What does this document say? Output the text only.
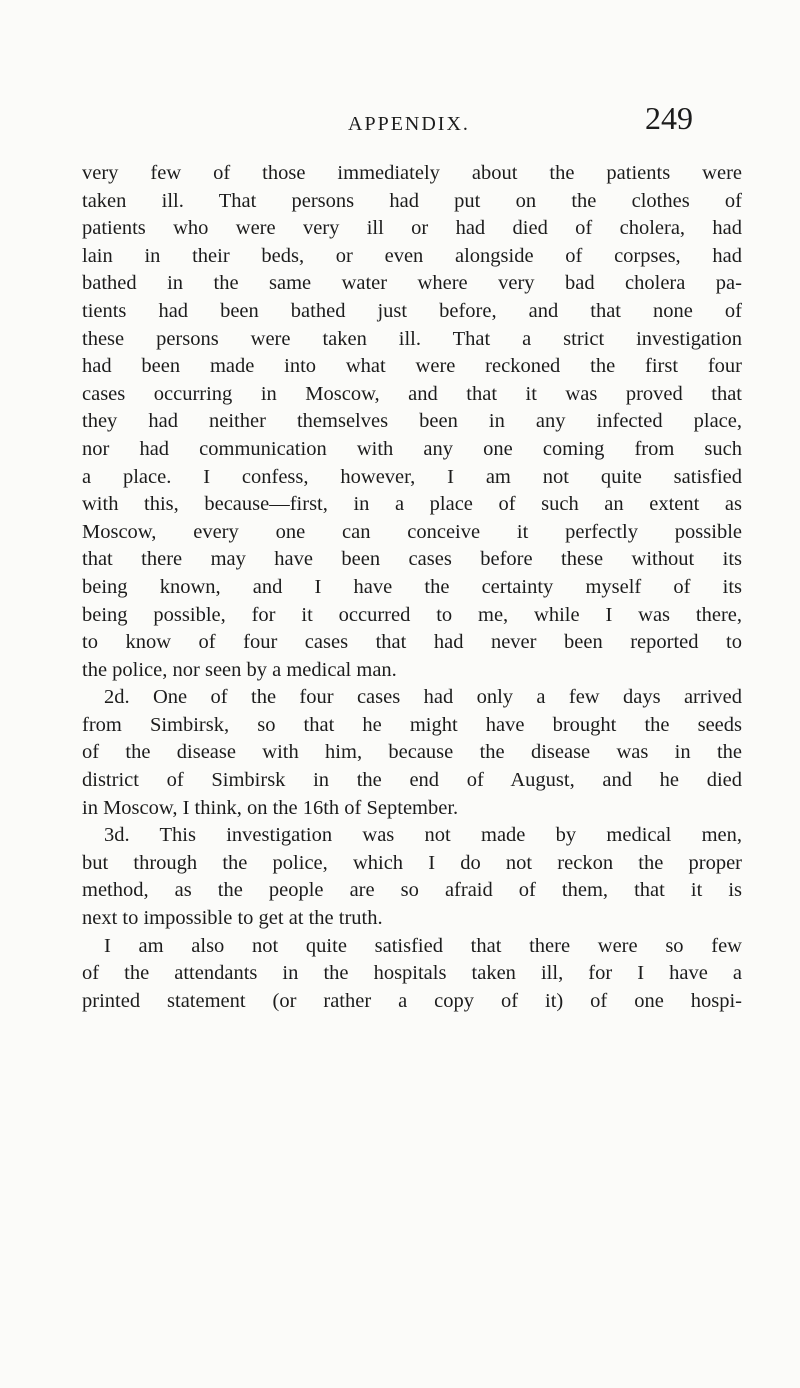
APPENDIX.	249
very few of those immediately about the patients were
taken ill. That persons had put on the clothes of
patients who were very ill or had died of cholera, had
lain in their beds, or even alongside of corpses, had
bathed in the same water where very bad cholera pa-
tients had been bathed just before, and that none of
these persons were taken ill. That a strict investigation
had been made into what were reckoned the first four
cases occurring in Moscow, and that it was proved that
they had neither themselves been in any infected place,
nor had communication with any one coming from such
a place. I confess, however, I am not quite satisfied
with this, because—first, in a place of such an extent as
Moscow, every one can conceive it perfectly possible
that there may have been cases before these without its
being known, and I have the certainty myself of its
being possible, for it occurred to me, while I was there,
to know of four cases that had never been reported to
the police, nor seen by a medical man.
2d. One of the four cases had only a few days arrived
from Simbirsk, so that he might have brought the seeds
of the disease with him, because the disease was in the
district of Simbirsk in the end of August, and he died
in Moscow, I think, on the 16th of September.
3d. This investigation was not made by medical men,
but through the police, which I do not reckon the proper
method, as the people are so afraid of them, that it is
next to impossible to get at the truth.
I am also not quite satisfied that there were so few
of the attendants in the hospitals taken ill, for I have a
printed statement (or rather a copy of it) of one hospi-
